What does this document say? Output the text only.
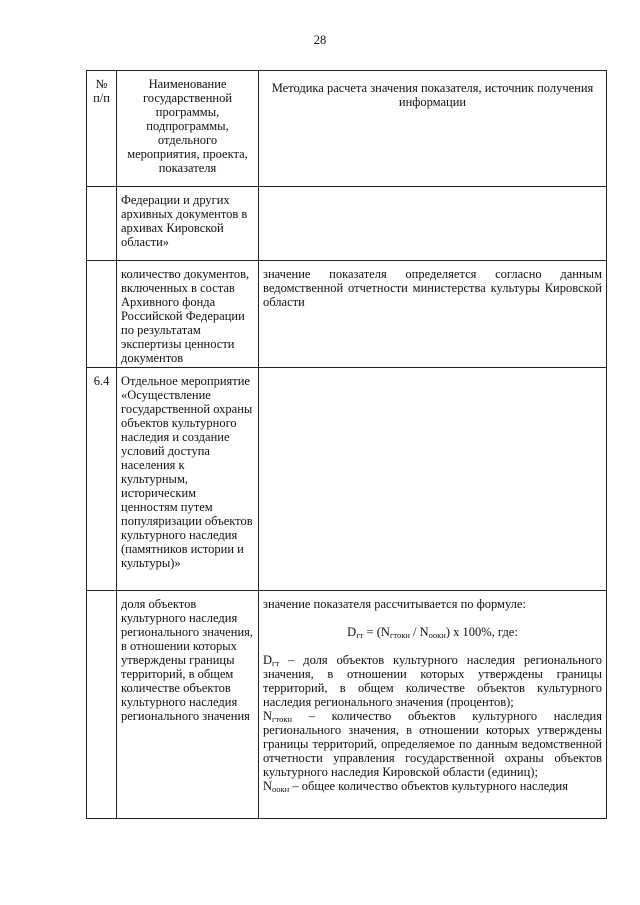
28
№ п/п	Наименование государственной программы, подпрограммы, отдельного мероприятия, проекта, показателя	Методика расчета значения показателя, источник получения информации
	Федерации и других архивных документов в архивах Кировской области»	
	количество документов, включенных в состав Архивного фонда Российской Федерации по результатам экспертизы ценности документов	значение показателя определяется согласно данным ведомственной отчетности министерства культуры Кировской области
6.4	Отдельное мероприятие «Осуществление государственной охраны объектов культурного наследия и создание условий доступа населения к культурным, историческим ценностям путем популяризации объектов культурного наследия (памятников истории и культуры)»	
	доля объектов культурного наследия регионального значения, в отношении которых утверждены границы территорий, в общем количестве объектов культурного наследия регионального значения	значение показателя рассчитывается по формуле:

$D_{гт} = (N_{гтокн} / N_{оокн})$ x 100%, где:

$D_{гт}$ – доля объектов культурного наследия регионального значения, в отношении которых утверждены границы территорий, в общем количестве объектов культурного наследия регионального значения (процентов);

$N_{гтокн}$ – количество объектов культурного наследия регионального значения, в отношении которых утверждены границы территорий, определяемое по данным ведомственной отчетности управления государственной охраны объектов культурного наследия Кировской области (единиц);

$N_{оокн}$ – общее количество объектов культурного наследия
